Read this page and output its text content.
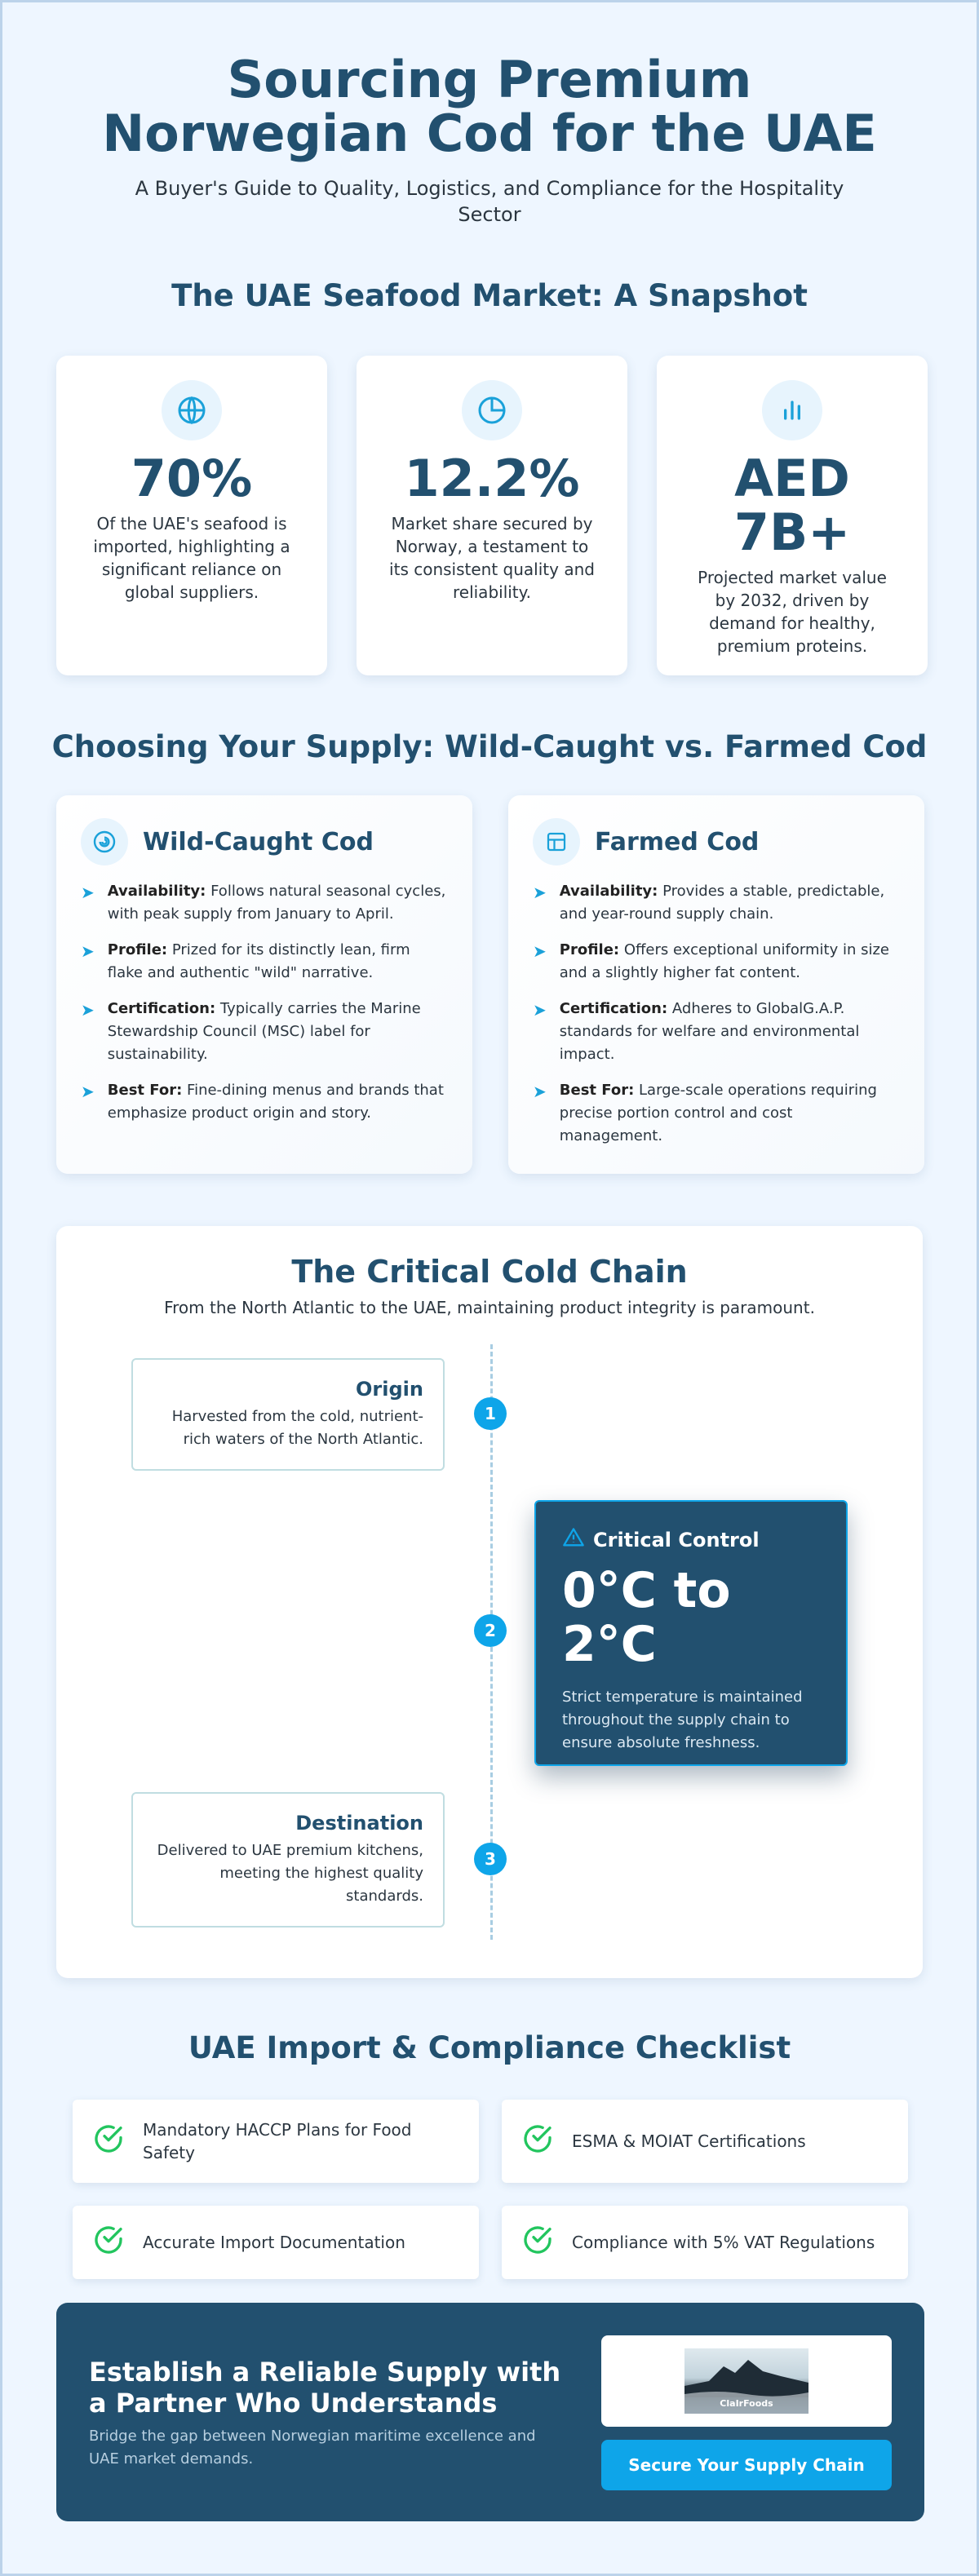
Sourcing Premium Norwegian Cod for the UAE

A Buyer's Guide to Quality, Logistics, and Compliance for the Hospitality Sector

The UAE Seafood Market: A Snapshot
70%
Of the UAE's seafood is imported, highlighting a significant reliance on global suppliers.
12.2%
Market share secured by Norway, a testament to its consistent quality and reliability.
AED 7B+
Projected market value by 2032, driven by demand for healthy, premium proteins.
Choosing Your Supply: Wild-Caught vs. Farmed Cod
Wild-Caught Cod
➤ Availability: Follows natural seasonal cycles, with peak supply from January to April.
➤ Profile: Prized for its distinctly lean, firm flake and authentic "wild" narrative.
➤ Certification: Typically carries the Marine Stewardship Council (MSC) label for sustainability.
➤ Best For: Fine-dining menus and brands that emphasize product origin and story.
Farmed Cod
➤ Availability: Provides a stable, predictable, and year-round supply chain.
➤ Profile: Offers exceptional uniformity in size and a slightly higher fat content.
➤ Certification: Adheres to GlobalG.A.P. standards for welfare and environmental impact.
➤ Best For: Large-scale operations requiring precise portion control and cost management.
The Critical Cold Chain

From the North Atlantic to the UAE, maintaining product integrity is paramount.

Origin

Harvested from the cold, nutrient-rich waters of the North Atlantic.

1
2
Critical Control
0°C to 2°C

Strict temperature is maintained throughout the supply chain to ensure absolute freshness.

Destination

Delivered to UAE premium kitchens, meeting the highest quality standards.

3
UAE Import & Compliance Checklist
Mandatory HACCP Plans for Food Safety
ESMA & MOIAT Certifications
Accurate Import Documentation	Compliance with 5% VAT Regulations
Establish a Reliable Supply with a Partner Who Understands

Bridge the gap between Norwegian maritime excellence and UAE market demands.

ClaIrFoods
Secure Your Supply Chain
